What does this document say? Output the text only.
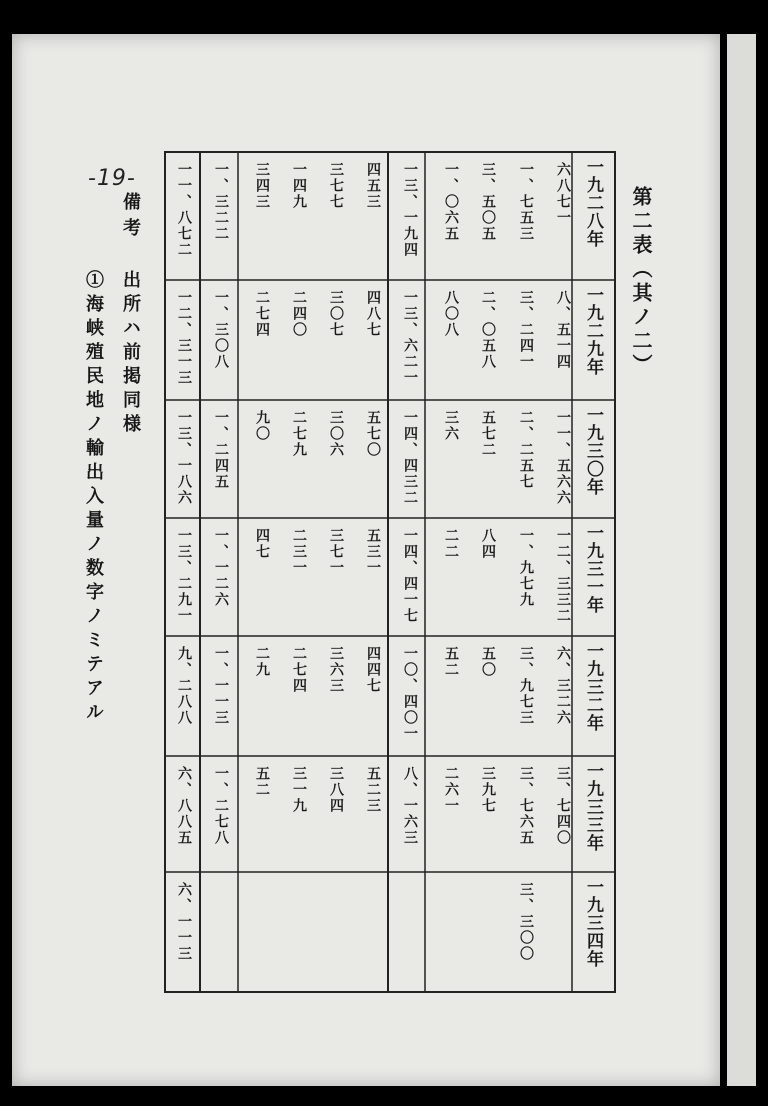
-19-
第二表（其ノ二）
備考
出所ハ前掲同様
①海峡殖民地ノ輸出入量ノ数字ノミテアル
一九二八年
一九二九年
一九三〇年
一九三一年
一九三二年
一九三三年
一九三四年
六八七一
一、七五三
三、五〇五
一、〇六五
一三、一九四
四五三
三七七
一四九
三四三
一、三二二
一一、八七二
八、五一四
三、二四一
二、〇五八
八〇八
一三、六二一
四八七
三〇七
二四〇
二七四
一、三〇八
一二、三一三
一一、五六六
二、二五七
五七二
三六
一四、四三二
五七〇
三〇六
二七九
九〇
一、二四五
一三、一八六
一二、三三二
一、九七九
八四
二二
一四、四一七
五三一
三七一
二三一
四七
一、一二六
一三、二九一
六、三二六
三、九七三
五〇
五二
一〇、四〇一
四四七
三六三
二七四
二九
一、一一三
九、二八八
三、七四〇
三、七六五
三九七
二六一
八、一六三
五二三
三八四
三一九
五二
一、二七八
六、八八五
三、三〇〇
六、一一三
